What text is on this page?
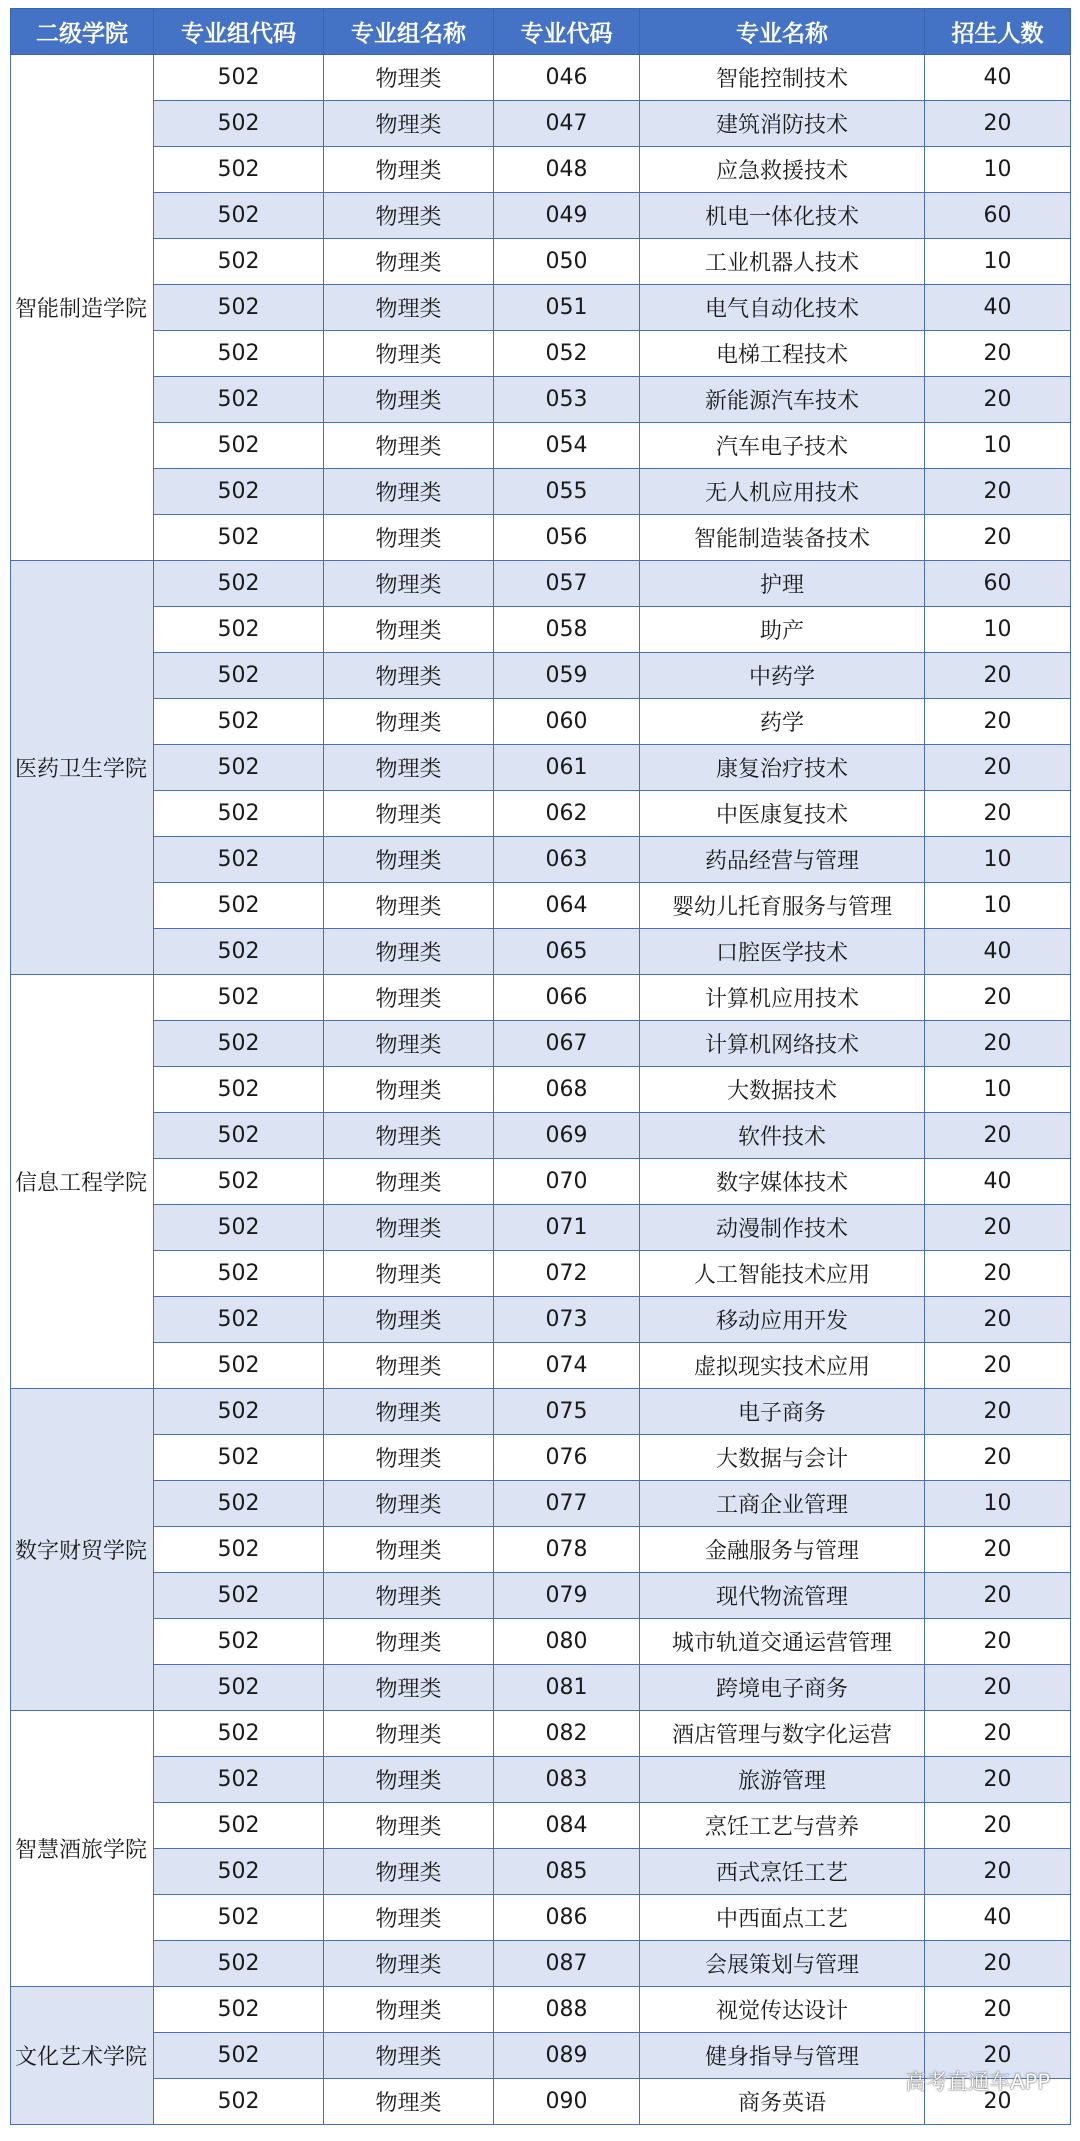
二级学院	专业组代码	专业组名称	专业代码	专业名称	招生人数
智能制造学院	502	物理类	046	智能控制技术	40
	502	物理类	047	建筑消防技术	20
	502	物理类	048	应急救援技术	10
	502	物理类	049	机电一体化技术	60
	502	物理类	050	工业机器人技术	10
	502	物理类	051	电气自动化技术	40
	502	物理类	052	电梯工程技术	20
	502	物理类	053	新能源汽车技术	20
	502	物理类	054	汽车电子技术	10
	502	物理类	055	无人机应用技术	20
	502	物理类	056	智能制造装备技术	20
医药卫生学院	502	物理类	057	护理	60
	502	物理类	058	助产	10
	502	物理类	059	中药学	20
	502	物理类	060	药学	20
	502	物理类	061	康复治疗技术	20
	502	物理类	062	中医康复技术	20
	502	物理类	063	药品经营与管理	10
	502	物理类	064	婴幼儿托育服务与管理	10
	502	物理类	065	口腔医学技术	40
信息工程学院	502	物理类	066	计算机应用技术	20
	502	物理类	067	计算机网络技术	20
	502	物理类	068	大数据技术	10
	502	物理类	069	软件技术	20
	502	物理类	070	数字媒体技术	40
	502	物理类	071	动漫制作技术	20
	502	物理类	072	人工智能技术应用	20
	502	物理类	073	移动应用开发	20
	502	物理类	074	虚拟现实技术应用	20
数字财贸学院	502	物理类	075	电子商务	20
	502	物理类	076	大数据与会计	20
	502	物理类	077	工商企业管理	10
	502	物理类	078	金融服务与管理	20
	502	物理类	079	现代物流管理	20
	502	物理类	080	城市轨道交通运营管理	20
	502	物理类	081	跨境电子商务	20
智慧酒旅学院	502	物理类	082	酒店管理与数字化运营	20
	502	物理类	083	旅游管理	20
	502	物理类	084	烹饪工艺与营养	20
	502	物理类	085	西式烹饪工艺	20
	502	物理类	086	中西面点工艺	40
	502	物理类	087	会展策划与管理	20
文化艺术学院	502	物理类	088	视觉传达设计	20
	502	物理类	089	健身指导与管理	20
	502	物理类	090	商务英语	20
高考直通车APP
